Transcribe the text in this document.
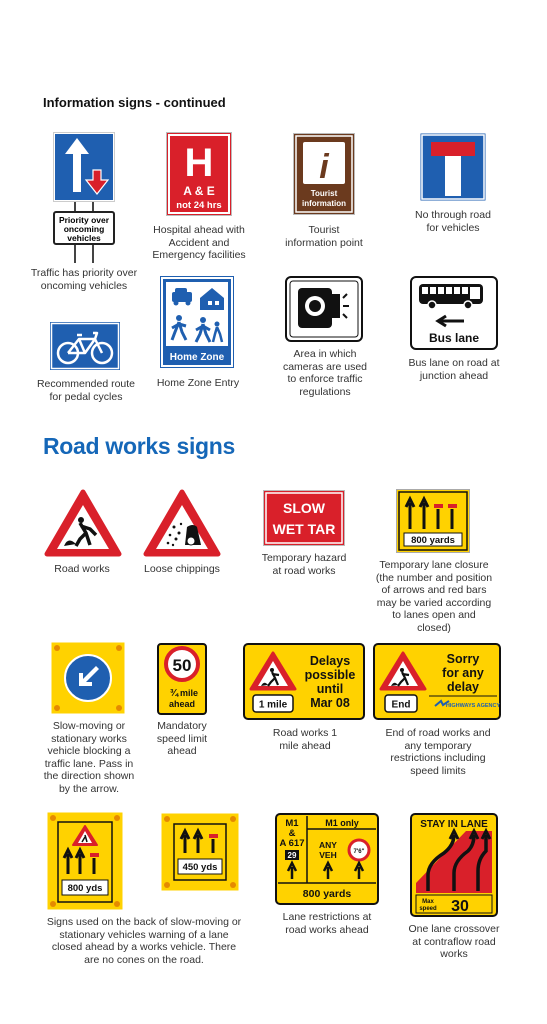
Information signs - continued
Priority over
oncoming
vehicles
Traffic has priority over oncoming vehicles
H
A & E
not 24 hrs
Hospital ahead with Accident and Emergency facilities
i
Tourist
information
Tourist information point
No through road for vehicles
Recommended route for pedal cycles
Home Zone
Home Zone Entry
Area in which cameras are used to enforce traffic regulations
Bus lane
Bus lane on road at junction ahead
Road works signs
Road works	Loose chippings
SLOW
WET TAR
Temporary hazard at road works
800 yards
Temporary lane closure (the number and position of arrows and red bars may be varied according to lanes open and closed)
Slow-moving or stationary works vehicle blocking a traffic lane. Pass in the direction shown by the arrow.
50
¾ mile
ahead
Mandatory speed limit ahead
1 mile
Delays
possible
until
Mar 08
Road works 1 mile ahead
End
Sorry
for any
delay
HIGHWAYS AGENCY
End of road works and any temporary restrictions including speed limits
800 yds
450 yds
Signs used on the back of slow-moving or stationary vehicles warning of a lane closed ahead by a works vehicle. There are no cones on the road.
M1
&
A 617
29
M1 only
ANY
VEH	7'6"
800 yards
Lane restrictions at road works ahead
STAY IN LANE
Max
speed 30
One lane crossover at contraflow road works
